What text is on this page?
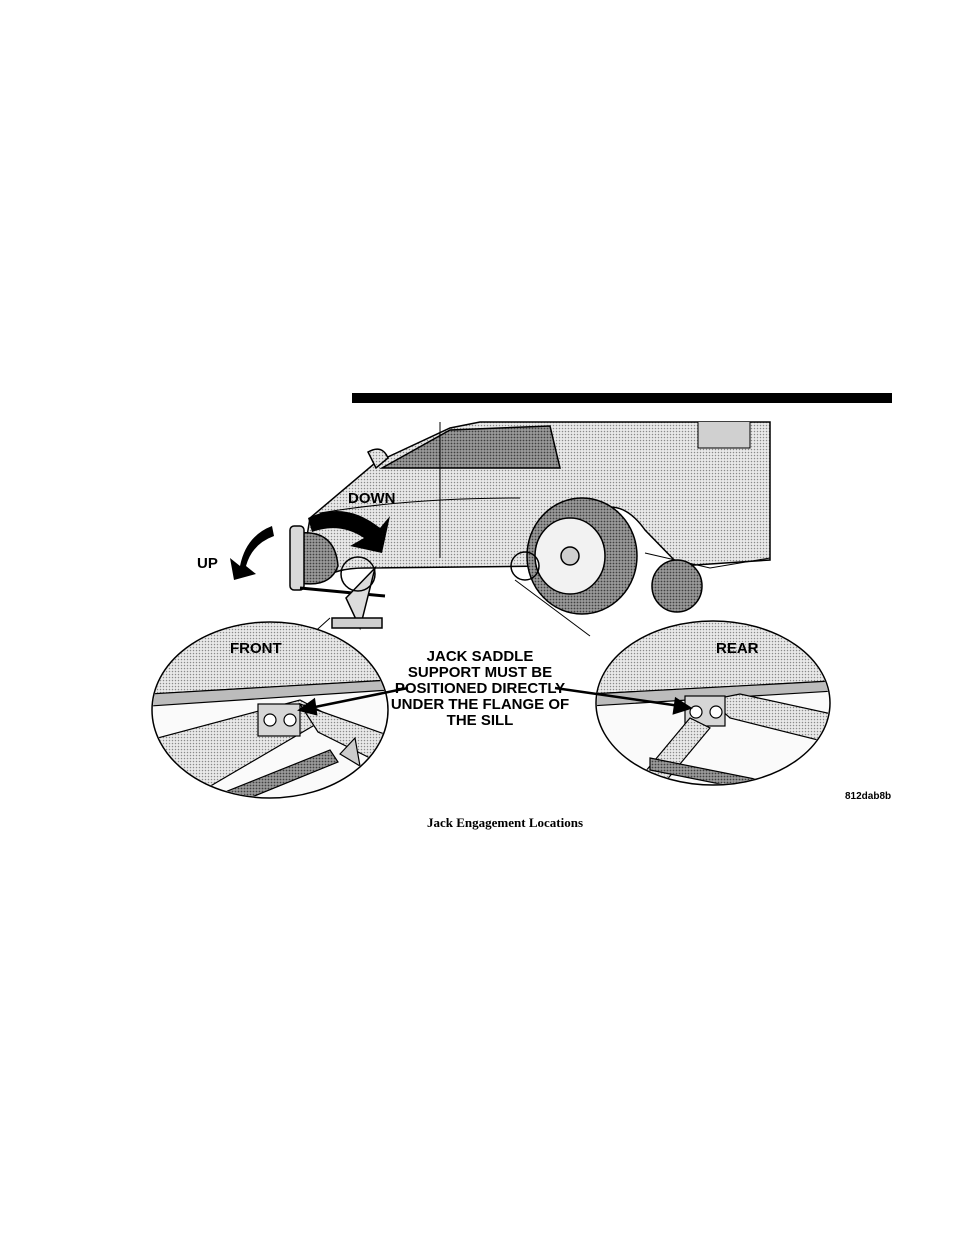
DOWN
UP
FRONT	REAR
JACK SADDLE SUPPORT MUST BE POSITIONED DIRECTLY UNDER THE FLANGE OF THE SILL
812dab8b
Jack Engagement Locations
